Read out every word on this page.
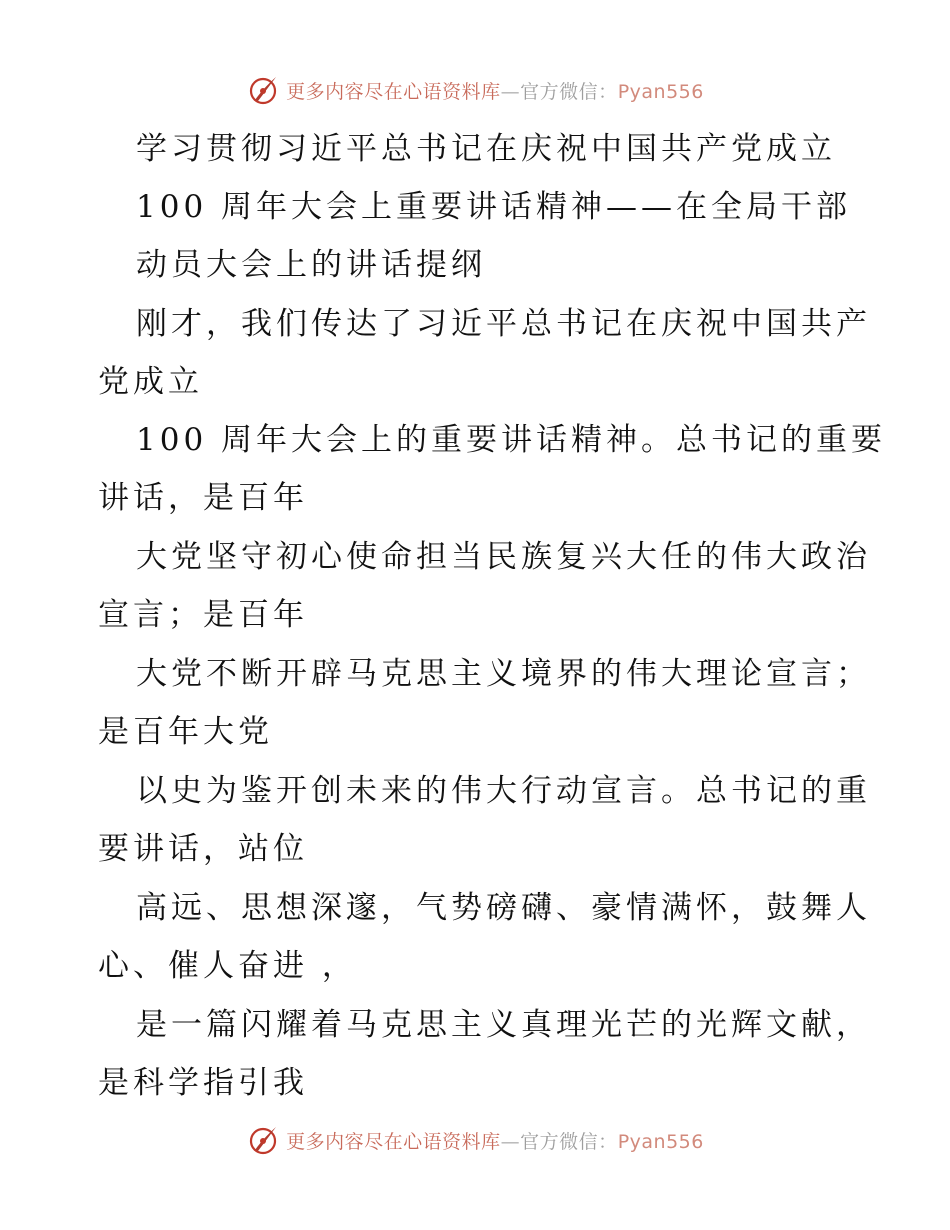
更多内容尽在心语资料库—官方微信：Pyan556
学习贯彻习近平总书记在庆祝中国共产党成立
100 周年大会上重要讲话精神——在全局干部
动员大会上的讲话提纲
刚才，我们传达了习近平总书记在庆祝中国共产
党成立
100 周年大会上的重要讲话精神。总书记的重要
讲话，是百年
大党坚守初心使命担当民族复兴大任的伟大政治
宣言；是百年
大党不断开辟马克思主义境界的伟大理论宣言；
是百年大党
以史为鉴开创未来的伟大行动宣言。总书记的重
要讲话，站位
高远、思想深邃，气势磅礴、豪情满怀，鼓舞人
心、催人奋进 ，
是一篇闪耀着马克思主义真理光芒的光辉文献，
是科学指引我
更多内容尽在心语资料库—官方微信：Pyan556
